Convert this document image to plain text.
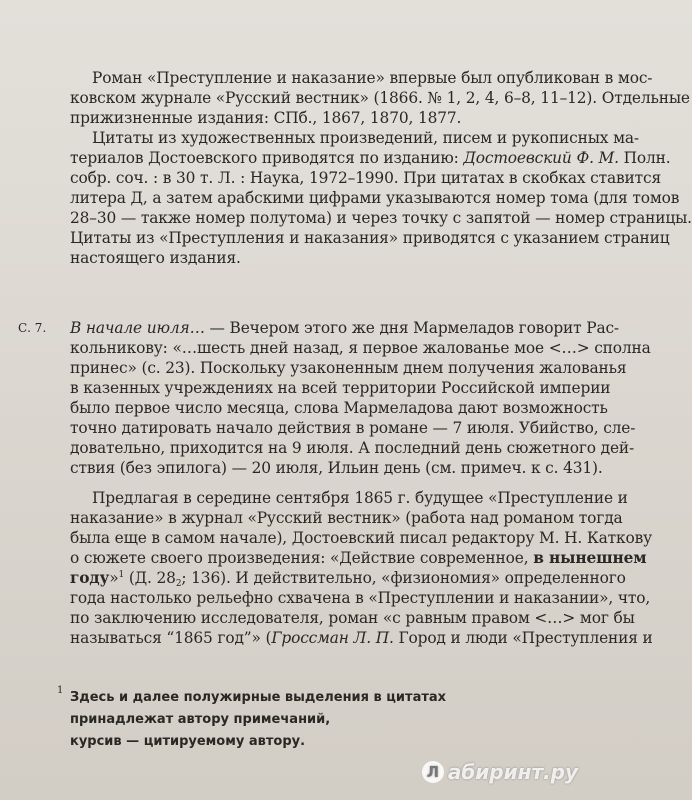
Роман «Преступление и наказание» впервые был опубликован в мос-
ковском журнале «Русский вестник» (1866. № 1, 2, 4, 6–8, 11–12). Отдельные
прижизненные издания: СПб., 1867, 1870, 1877.
Цитаты из художественных произведений, писем и рукописных ма-
териалов Достоевского приводятся по изданию: Достоевский Ф. М. Полн.
собр. соч. : в 30 т. Л. : Наука, 1972–1990. При цитатах в скобках ставится
литера Д, а затем арабскими цифрами указываются номер тома (для томов
28–30 — также номер полутома) и через точку с запятой — номер страницы.
Цитаты из «Преступления и наказания» приводятся с указанием страниц
настоящего издания.
С. 7. В начале июля… — Вечером этого же дня Мармеладов говорит Рас-
кольникову: «…шесть дней назад, я первое жалованье мое <…> сполна
принес» (с. 23). Поскольку узаконенным днем получения жалованья
в казенных учреждениях на всей территории Российской империи
было первое число месяца, слова Мармеладова дают возможность
точно датировать начало действия в романе — 7 июля. Убийство, сле-
довательно, приходится на 9 июля. А последний день сюжетного дей-
ствия (без эпилога) — 20 июля, Ильин день (см. примеч. к с. 431).
Предлагая в середине сентября 1865 г. будущее «Преступление и
наказание» в журнал «Русский вестник» (работа над романом тогда
была еще в самом начале), Достоевский писал редактору М. Н. Каткову
о сюжете своего произведения: «Действие современное, в нынешнем
году»$^1$ (Д. $28_2$; 136). И действительно, «физиономия» определенного
года настолько рельефно схвачена в «Преступлении и наказании», что,
по заключению исследователя, роман «с равным правом <…> мог бы
называться “1865 год”» (Гроссман Л. П. Город и люди «Преступления и
1 Здесь и далее полужирные выделения в цитатах
принадлежат автору примечаний,
курсив — цитируемому автору.
Л абиринт.ру
